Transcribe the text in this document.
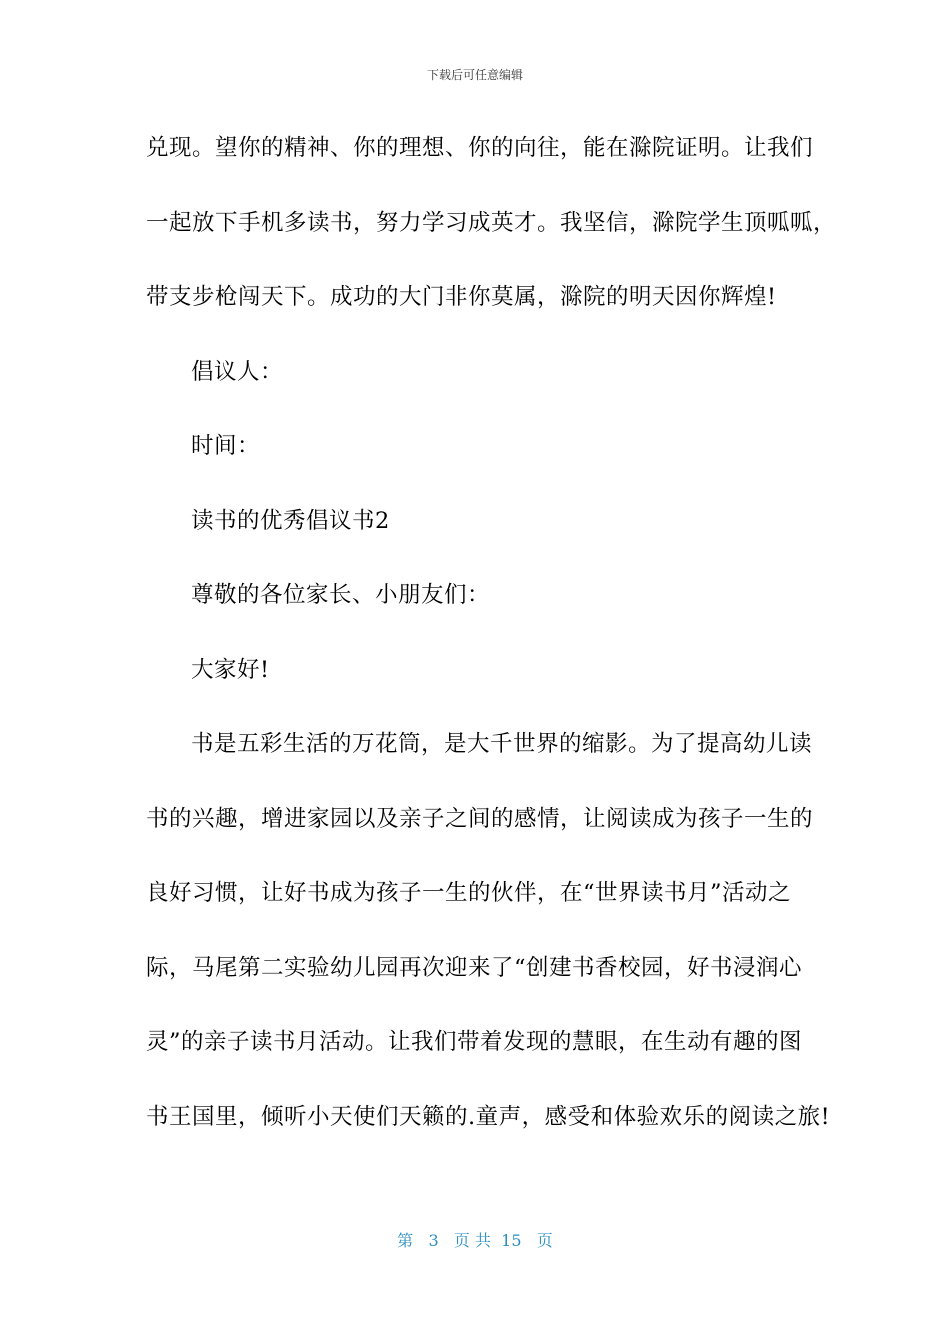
下载后可任意编辑
兑现。望你的精神、你的理想、你的向往，能在滁院证明。让我们
一起放下手机多读书，努力学习成英才。我坚信，滁院学生顶呱呱，
带支步枪闯天下。成功的大门非你莫属，滁院的明天因你辉煌!
倡议人：
时间：
读书的优秀倡议书2
尊敬的各位家长、小朋友们：
大家好!
书是五彩生活的万花筒，是大千世界的缩影。为了提高幼儿读
书的兴趣，增进家园以及亲子之间的感情，让阅读成为孩子一生的
良好习惯，让好书成为孩子一生的伙伴，在“世界读书月”活动之
际，马尾第二实验幼儿园再次迎来了“创建书香校园，好书浸润心
灵”的亲子读书月活动。让我们带着发现的慧眼，在生动有趣的图
书王国里，倾听小天使们天籁的.童声，感受和体验欢乐的阅读之旅!
第 3 页 共 15 页
